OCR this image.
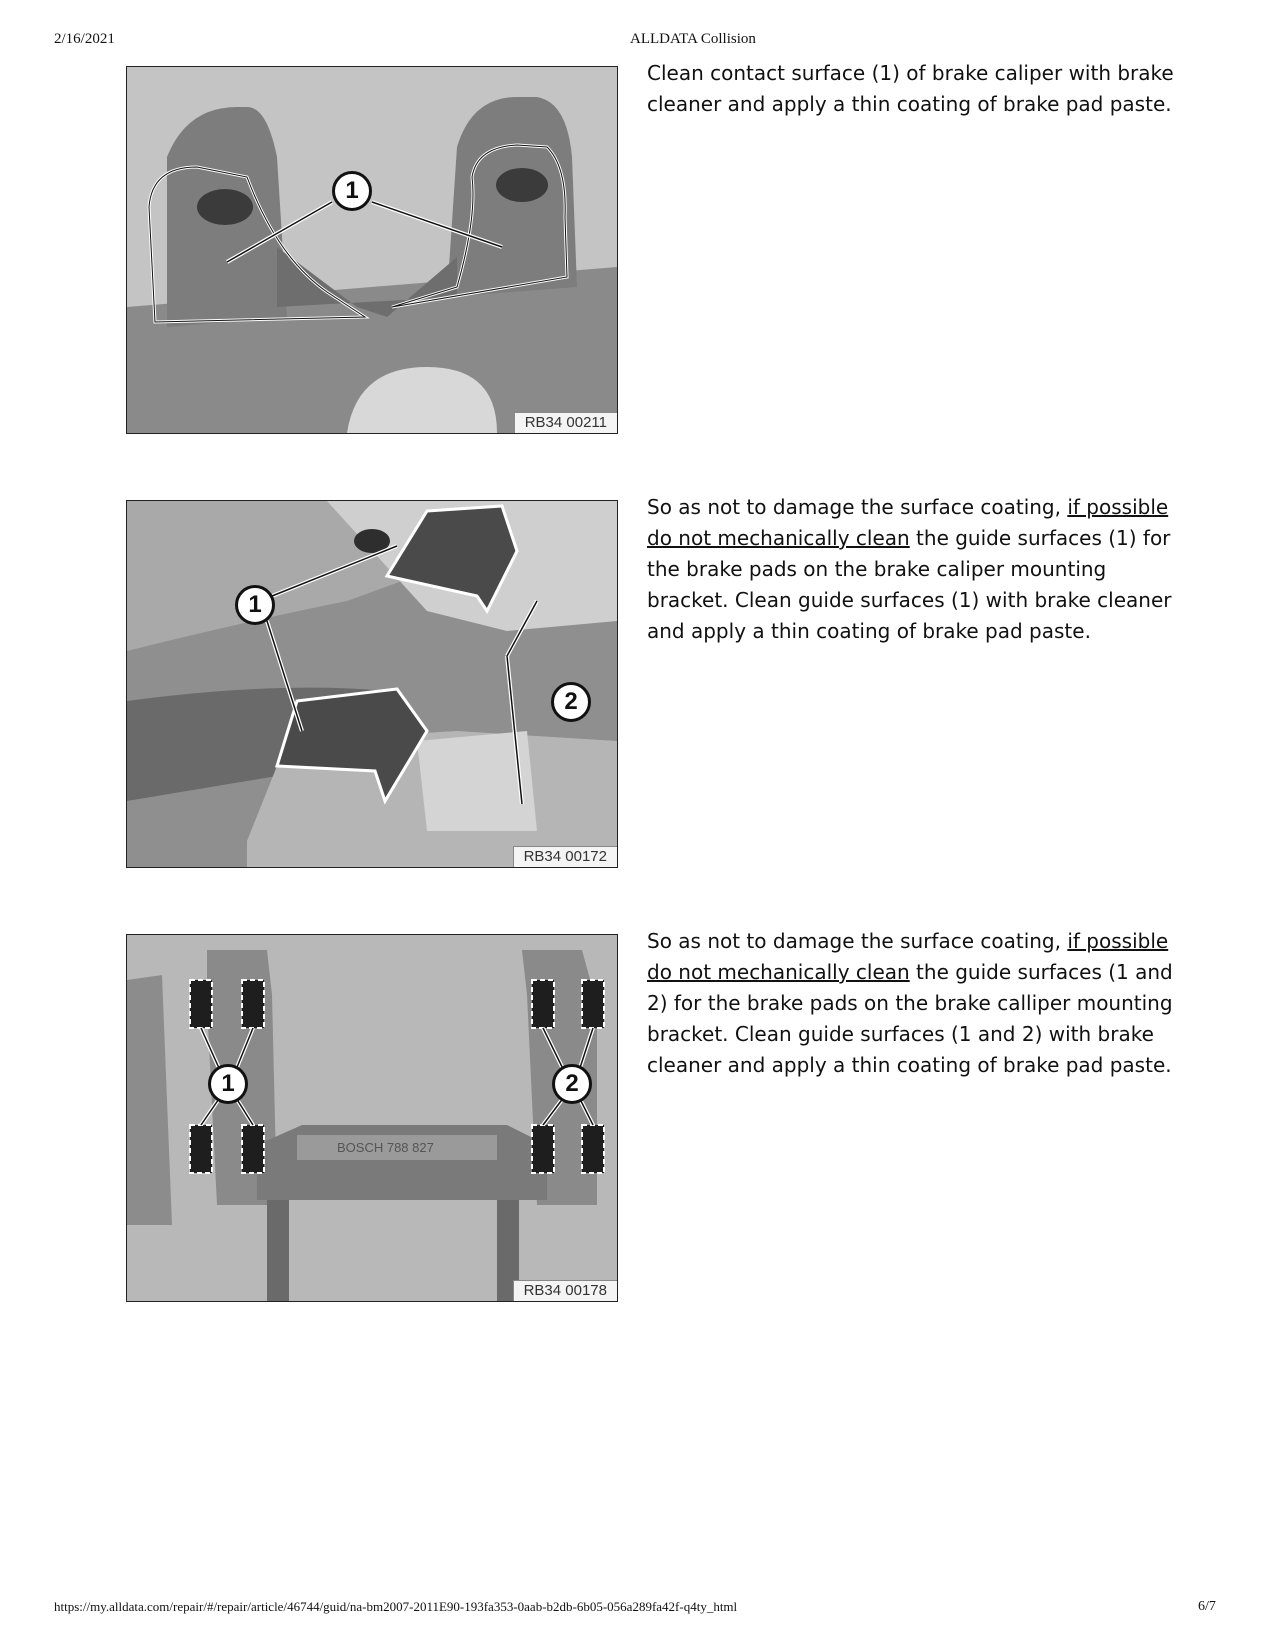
2/16/2021	ALLDATA Collision
1
RB34 00211
Clean contact surface (1) of brake caliper with brake cleaner and apply a thin coating of brake pad paste.
1
2
RB34 00172
So as not to damage the surface coating, if possible do not mechanically clean the guide surfaces (1) for the brake pads on the brake caliper mounting bracket. Clean guide surfaces (1) with brake cleaner and apply a thin coating of brake pad paste.
BOSCH 788 827
1	2
RB34 00178
So as not to damage the surface coating, if possible do not mechanically clean the guide surfaces (1 and 2) for the brake pads on the brake calliper mounting bracket. Clean guide surfaces (1 and 2) with brake cleaner and apply a thin coating of brake pad paste.
https://my.alldata.com/repair/#/repair/article/46744/guid/na-bm2007-2011E90-193fa353-0aab-b2db-6b05-056a289fa42f-q4ty_html	6/7
